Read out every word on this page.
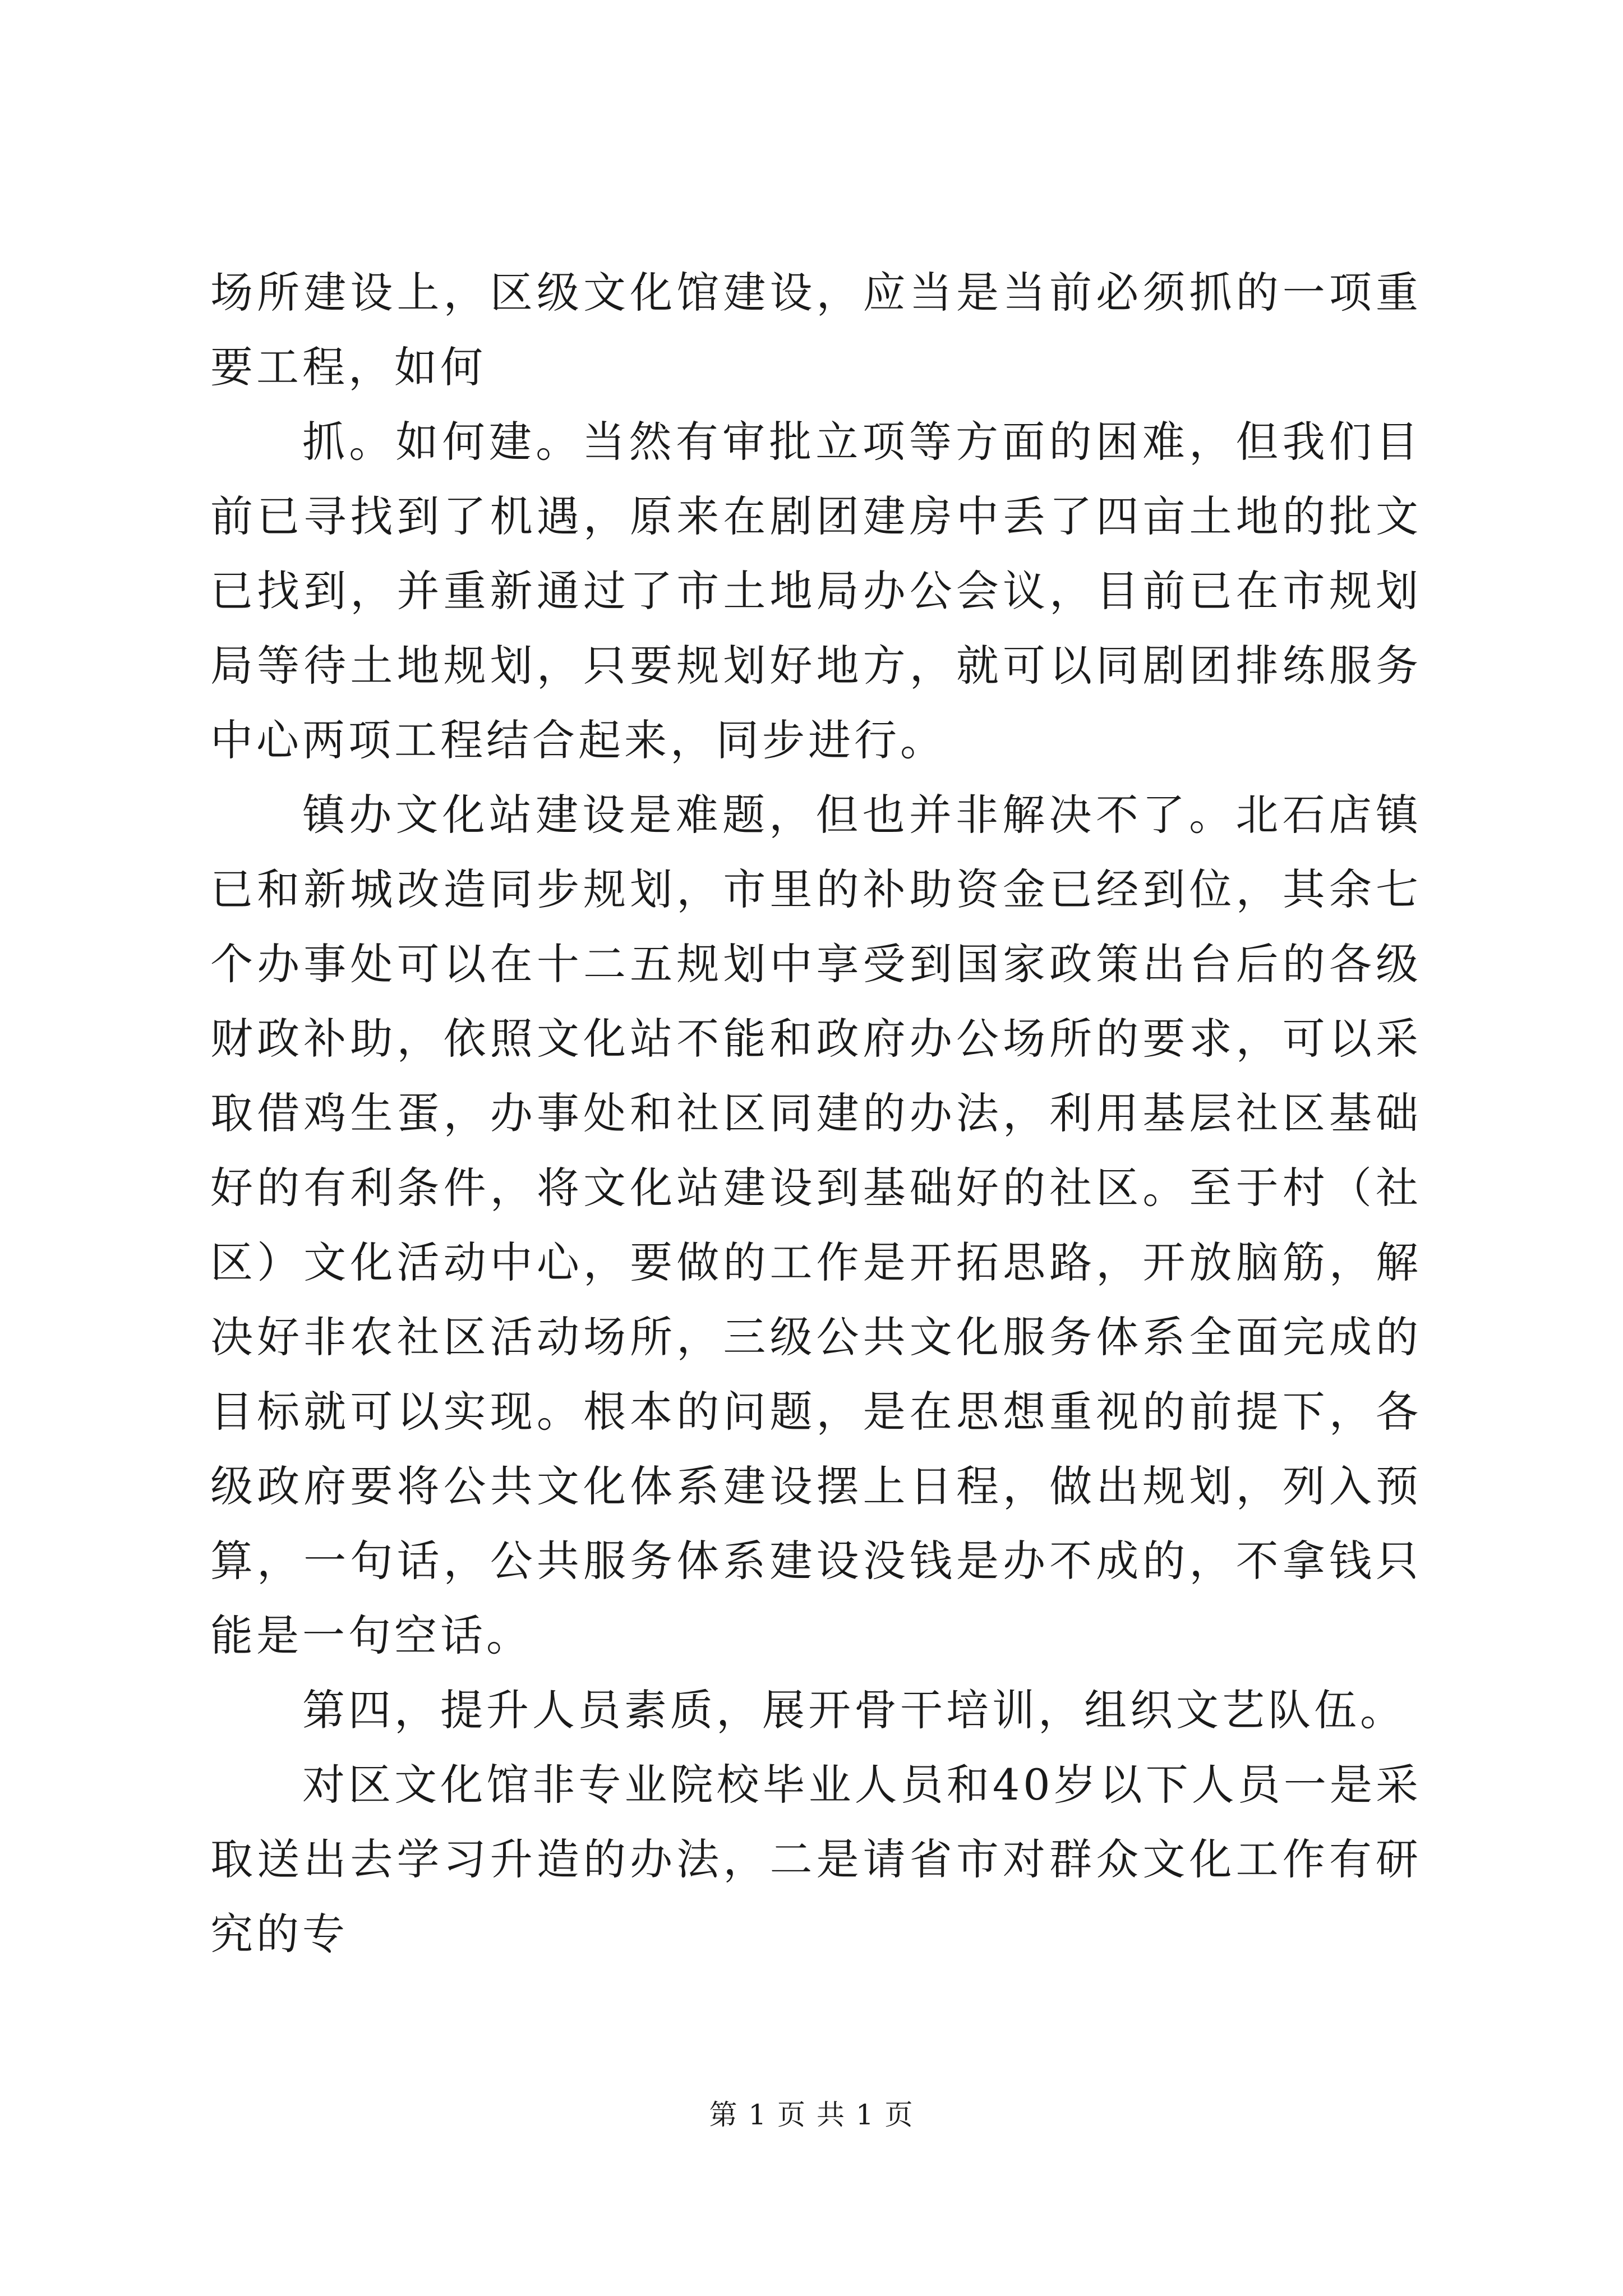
场所建设上，区级文化馆建设，应当是当前必须抓的一项重要工程，如何

抓。如何建。当然有审批立项等方面的困难，但我们目前已寻找到了机遇，原来在剧团建房中丢了四亩土地的批文已找到，并重新通过了市土地局办公会议，目前已在市规划局等待土地规划，只要规划好地方，就可以同剧团排练服务中心两项工程结合起来，同步进行。

镇办文化站建设是难题，但也并非解决不了。北石店镇已和新城改造同步规划，市里的补助资金已经到位，其余七个办事处可以在十二五规划中享受到国家政策出台后的各级财政补助，依照文化站不能和政府办公场所的要求，可以采取借鸡生蛋，办事处和社区同建的办法，利用基层社区基础好的有利条件，将文化站建设到基础好的社区。至于村（社区）文化活动中心，要做的工作是开拓思路，开放脑筋，解决好非农社区活动场所，三级公共文化服务体系全面完成的目标就可以实现。根本的问题，是在思想重视的前提下，各级政府要将公共文化体系建设摆上日程，做出规划，列入预算，一句话，公共服务体系建设没钱是办不成的，不拿钱只能是一句空话。

第四，提升人员素质，展开骨干培训，组织文艺队伍。

对区文化馆非专业院校毕业人员和40岁以下人员一是采取送出去学习升造的办法，二是请省市对群众文化工作有研究的专

第 1 页 共 1 页
